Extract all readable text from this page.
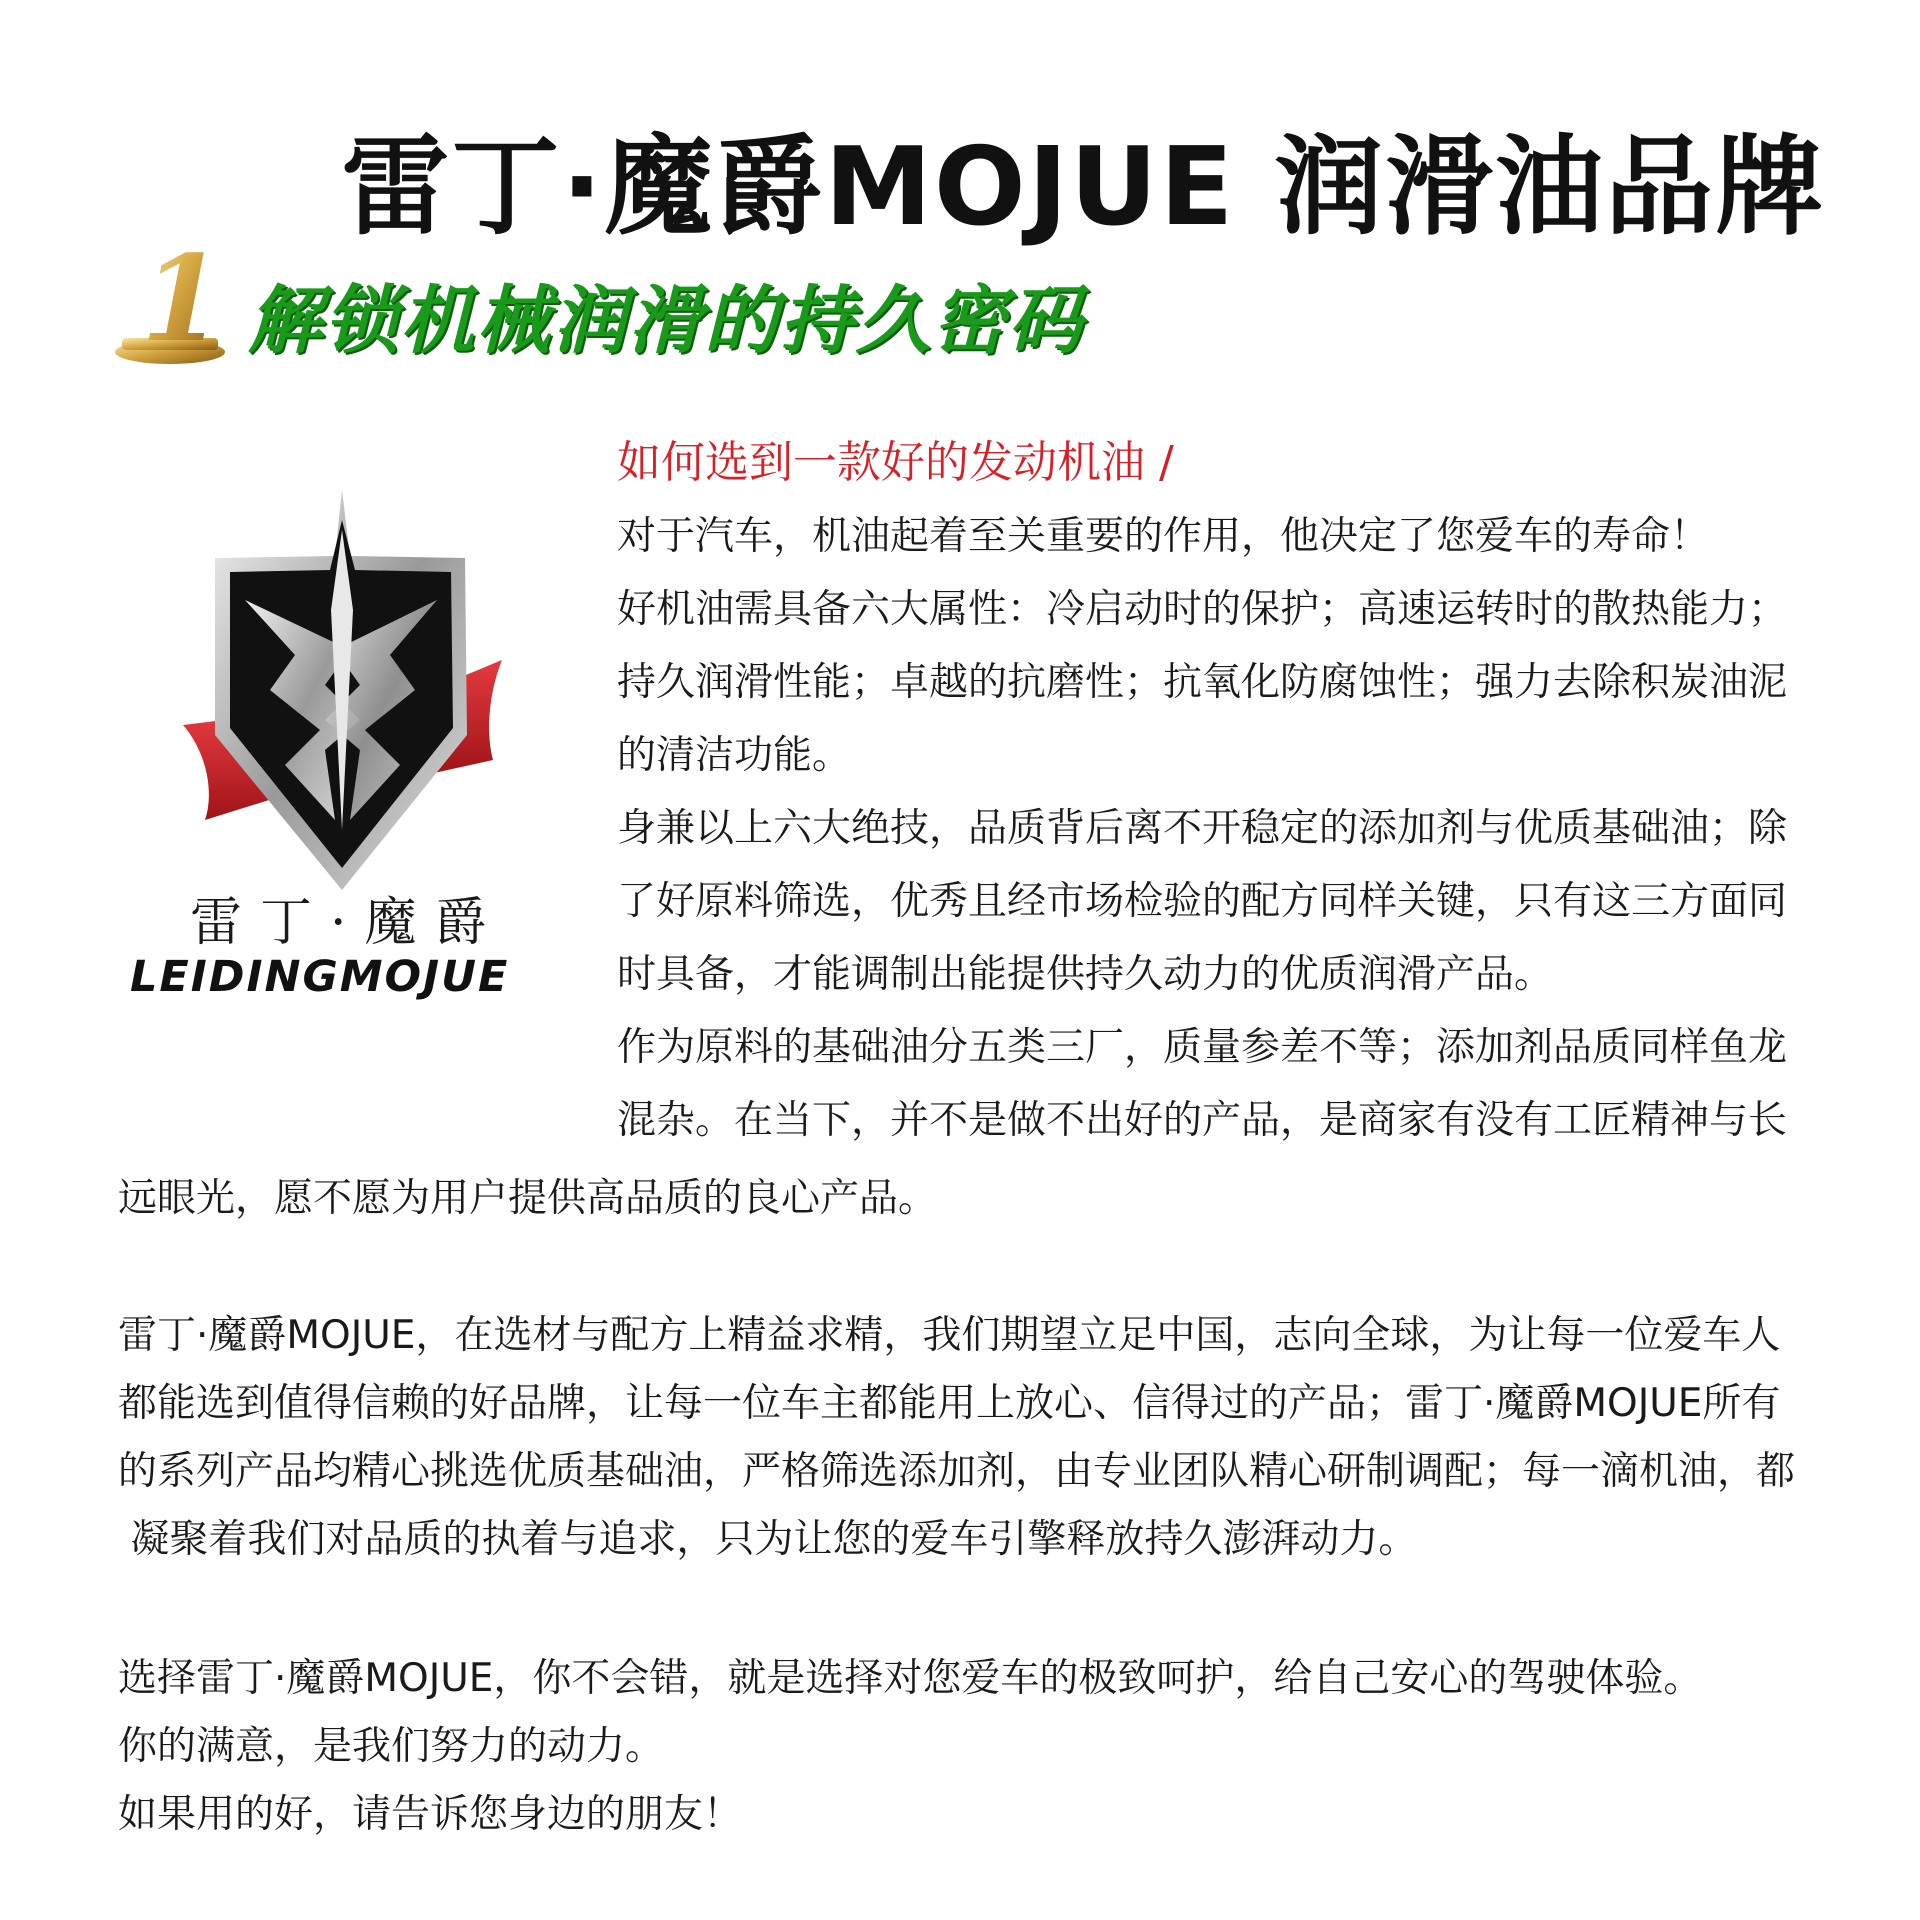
雷丁·魔爵MOJUE 润滑油品牌
1 解锁机械润滑的持久密码
雷丁·魔爵
LEIDINGMOJUE
如何选到一款好的发动机油 /
对于汽车，机油起着至关重要的作用，他决定了您爱车的寿命！
好机油需具备六大属性：冷启动时的保护；高速运转时的散热能力；
持久润滑性能；卓越的抗磨性；抗氧化防腐蚀性；强力去除积炭油泥
的清洁功能。
身兼以上六大绝技，品质背后离不开稳定的添加剂与优质基础油；除
了好原料筛选，优秀且经市场检验的配方同样关键，只有这三方面同
时具备，才能调制出能提供持久动力的优质润滑产品。
作为原料的基础油分五类三厂，质量参差不等；添加剂品质同样鱼龙
混杂。在当下，并不是做不出好的产品，是商家有没有工匠精神与长
远眼光，愿不愿为用户提供高品质的良心产品。
雷丁·魔爵MOJUE，在选材与配方上精益求精，我们期望立足中国，志向全球，为让每一位爱车人
都能选到值得信赖的好品牌，让每一位车主都能用上放心、信得过的产品；雷丁·魔爵MOJUE所有
的系列产品均精心挑选优质基础油，严格筛选添加剂，由专业团队精心研制调配；每一滴机油，都
凝聚着我们对品质的执着与追求，只为让您的爱车引擎释放持久澎湃动力。
选择雷丁·魔爵MOJUE，你不会错，就是选择对您爱车的极致呵护，给自己安心的驾驶体验。
你的满意，是我们努力的动力。
如果用的好，请告诉您身边的朋友！
